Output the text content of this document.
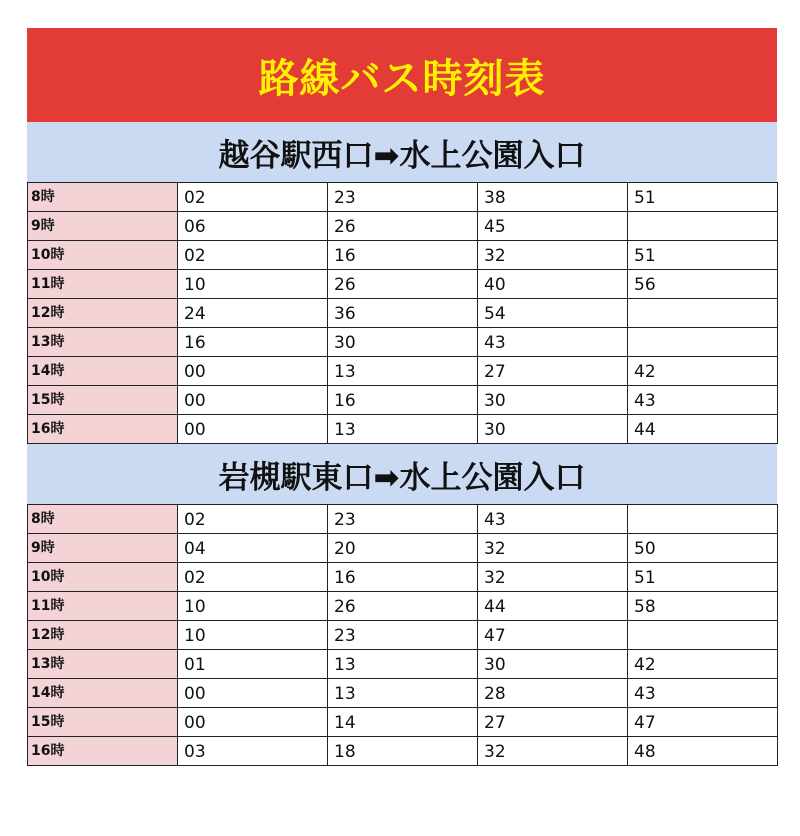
路線バス時刻表
越谷駅西口➡水上公園入口
8時	02	23	38	51
9時	06	26	45	
10時	02	16	32	51
11時	10	26	40	56
12時	24	36	54	
13時	16	30	43	
14時	00	13	27	42
15時	00	16	30	43
16時	00	13	30	44
岩槻駅東口➡水上公園入口
8時	02	23	43	
9時	04	20	32	50
10時	02	16	32	51
11時	10	26	44	58
12時	10	23	47	
13時	01	13	30	42
14時	00	13	28	43
15時	00	14	27	47
16時	03	18	32	48
